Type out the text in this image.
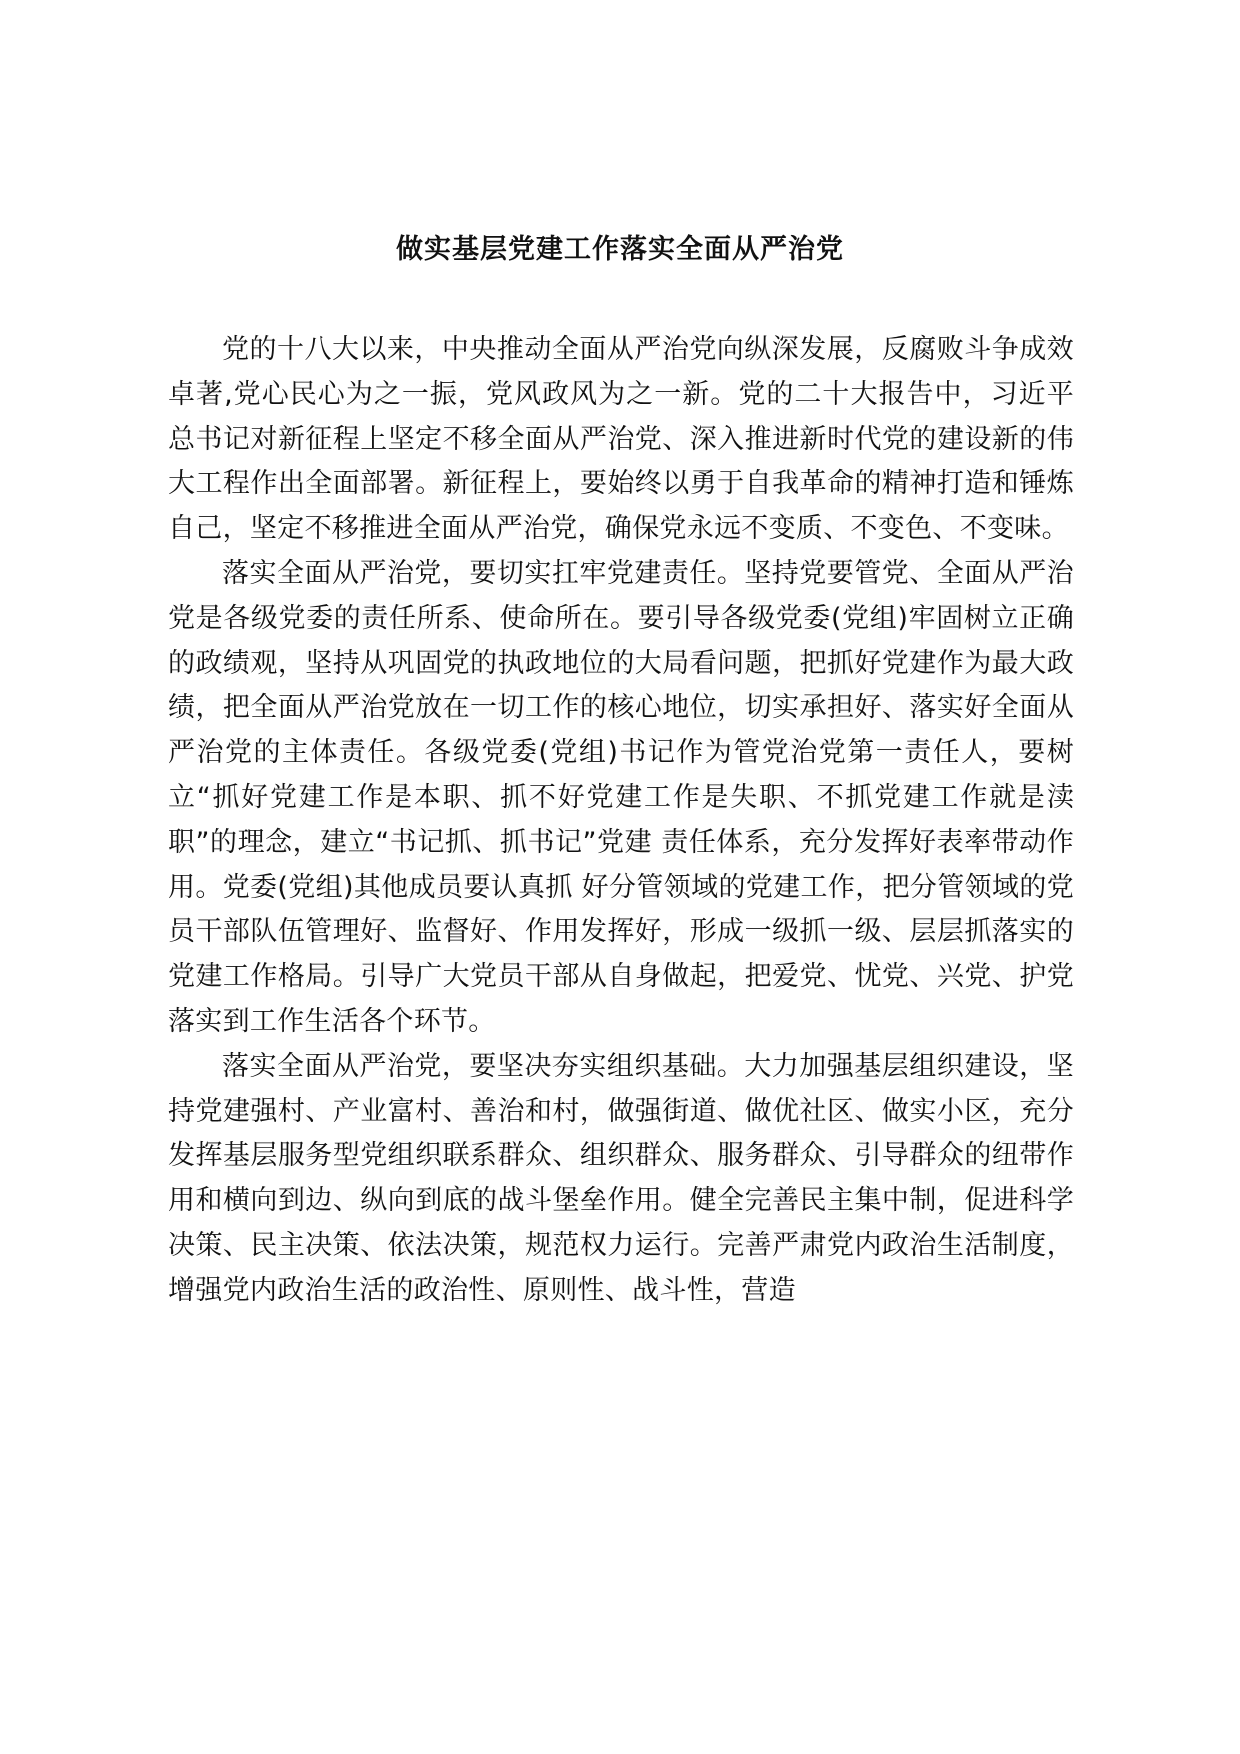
做实基层党建工作落实全面从严治党

党的十八大以来，中央推动全面从严治党向纵深发展，反腐败斗争成效卓著,党心民心为之一振，党风政风为之一新。党的二十大报告中，习近平总书记对新征程上坚定不移全面从严治党、深入推进新时代党的建设新的伟大工程作出全面部署。新征程上，要始终以勇于自我革命的精神打造和锤炼自己，坚定不移推进全面从严治党，确保党永远不变质、不变色、不变味。

落实全面从严治党，要切实扛牢党建责任。坚持党要管党、全面从严治党是各级党委的责任所系、使命所在。要引导各级党委(党组)牢固树立正确的政绩观，坚持从巩固党的执政地位的大局看问题，把抓好党建作为最大政绩，把全面从严治党放在一切工作的核心地位，切实承担好、落实好全面从严治党的主体责任。各级党委(党组)书记作为管党治党第一责任人，要树立“抓好党建工作是本职、抓不好党建工作是失职、不抓党建工作就是渎职”的理念，建立“书记抓、抓书记”党建 责任体系，充分发挥好表率带动作用。党委(党组)其他成员要认真抓 好分管领域的党建工作，把分管领域的党员干部队伍管理好、监督好、作用发挥好，形成一级抓一级、层层抓落实的党建工作格局。引导广大党员干部从自身做起，把爱党、忧党、兴党、护党落实到工作生活各个环节。

落实全面从严治党，要坚决夯实组织基础。大力加强基层组织建设，坚持党建强村、产业富村、善治和村，做强街道、做优社区、做实小区，充分发挥基层服务型党组织联系群众、组织群众、服务群众、引导群众的纽带作用和横向到边、纵向到底的战斗堡垒作用。健全完善民主集中制，促进科学决策、民主决策、依法决策，规范权力运行。完善严肃党内政治生活制度，增强党内政治生活的政治性、原则性、战斗性，营造
